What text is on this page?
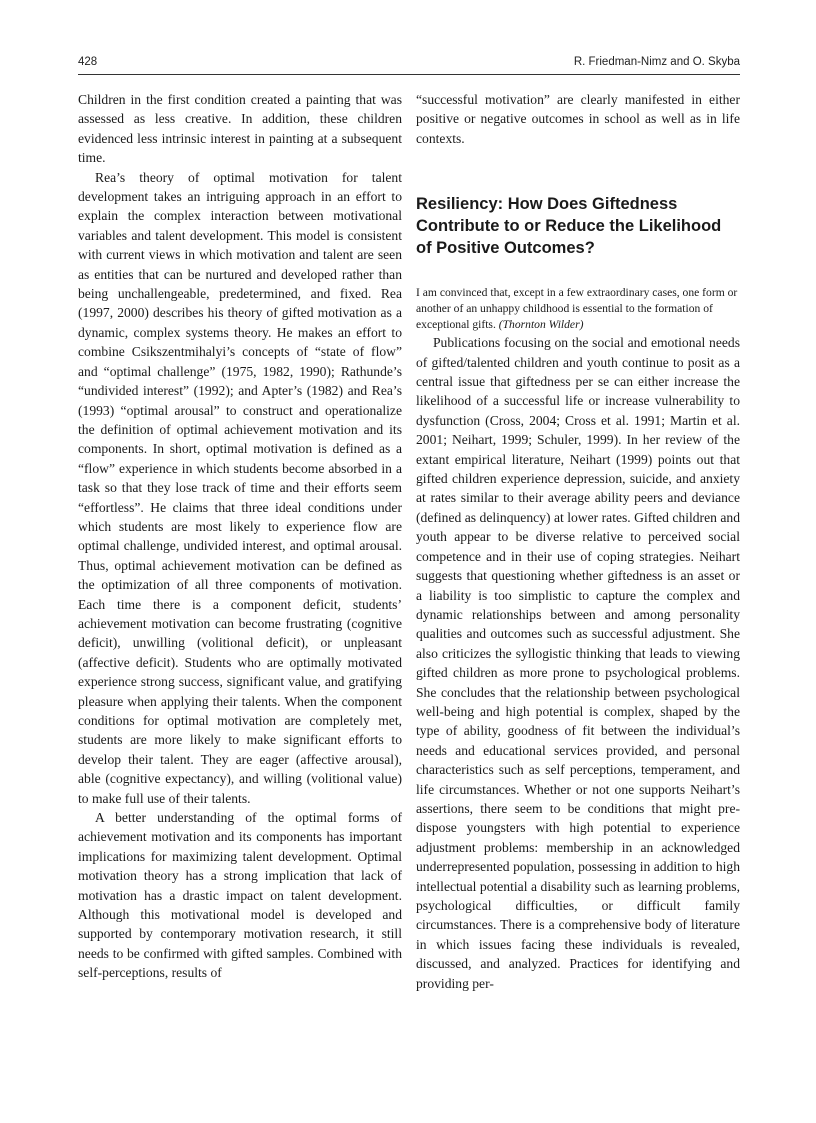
428	R. Friedman-Nimz and O. Skyba

Children in the first condition created a painting that was assessed as less creative. In addition, these children evidenced less intrinsic interest in painting at a subsequent time.

Rea’s theory of optimal motivation for talent development takes an intriguing approach in an effort to explain the complex interaction between motivational variables and talent development. This model is consistent with current views in which motivation and talent are seen as entities that can be nurtured and developed rather than being unchallengeable, predetermined, and fixed. Rea (1997, 2000) describes his theory of gifted motivation as a dynamic, complex systems theory. He makes an effort to combine Csikszentmihalyi’s concepts of “state of flow” and “optimal challenge” (1975, 1982, 1990); Rathunde’s “undivided interest” (1992); and Apter’s (1982) and Rea’s (1993) “optimal arousal” to construct and operationalize the definition of optimal achievement motivation and its components. In short, optimal motivation is defined as a “flow” experience in which students become absorbed in a task so that they lose track of time and their efforts seem “effortless”. He claims that three ideal conditions under which students are most likely to experience flow are optimal challenge, undivided interest, and optimal arousal. Thus, optimal achievement motivation can be defined as the optimization of all three components of motivation. Each time there is a component deficit, students’ achievement motivation can become frustrating (cognitive deficit), unwilling (volitional deficit), or unpleasant (affective deficit). Students who are optimally motivated experience strong success, significant value, and gratifying pleasure when applying their talents. When the component conditions for optimal motivation are completely met, students are more likely to make significant efforts to develop their talent. They are eager (affective arousal), able (cognitive expectancy), and willing (volitional value) to make full use of their talents.

A better understanding of the optimal forms of achievement motivation and its components has important implications for maximizing talent development. Optimal motivation theory has a strong implication that lack of motivation has a drastic impact on talent development. Although this motivational model is developed and supported by contemporary motivation research, it still needs to be confirmed with gifted samples. Combined with self-perceptions, results of

“successful motivation” are clearly manifested in either positive or negative outcomes in school as well as in life contexts.

Resiliency: How Does Giftedness Contribute to or Reduce the Likelihood of Positive Outcomes?

I am convinced that, except in a few extraordinary cases, one form or another of an unhappy childhood is essential to the formation of exceptional gifts. (Thornton Wilder)

Publications focusing on the social and emotional needs of gifted/talented children and youth continue to posit as a central issue that giftedness per se can either increase the likelihood of a successful life or increase vulnerability to dysfunction (Cross, 2004; Cross et al. 1991; Martin et al. 2001; Neihart, 1999; Schuler, 1999). In her review of the extant empirical literature, Neihart (1999) points out that gifted children experience depression, suicide, and anxiety at rates similar to their average ability peers and deviance (defined as delinquency) at lower rates. Gifted children and youth appear to be diverse relative to perceived social competence and in their use of coping strategies. Neihart suggests that questioning whether giftedness is an asset or a liability is too simplistic to capture the complex and dynamic relationships between and among personality qualities and outcomes such as successful adjustment. She also criticizes the syllogistic thinking that leads to viewing gifted children as more prone to psychological problems. She concludes that the relationship between psychological well-being and high potential is complex, shaped by the type of ability, goodness of fit between the individual’s needs and educational services provided, and personal characteristics such as self perceptions, temperament, and life circumstances. Whether or not one supports Neihart’s assertions, there seem to be conditions that might pre-dispose youngsters with high potential to experience adjustment problems: membership in an acknowledged underrepresented population, possessing in addition to high intellectual potential a disability such as learning problems, psychological difficulties, or difficult family circumstances. There is a comprehensive body of literature in which issues facing these individuals is revealed, discussed, and analyzed. Practices for identifying and providing per-
